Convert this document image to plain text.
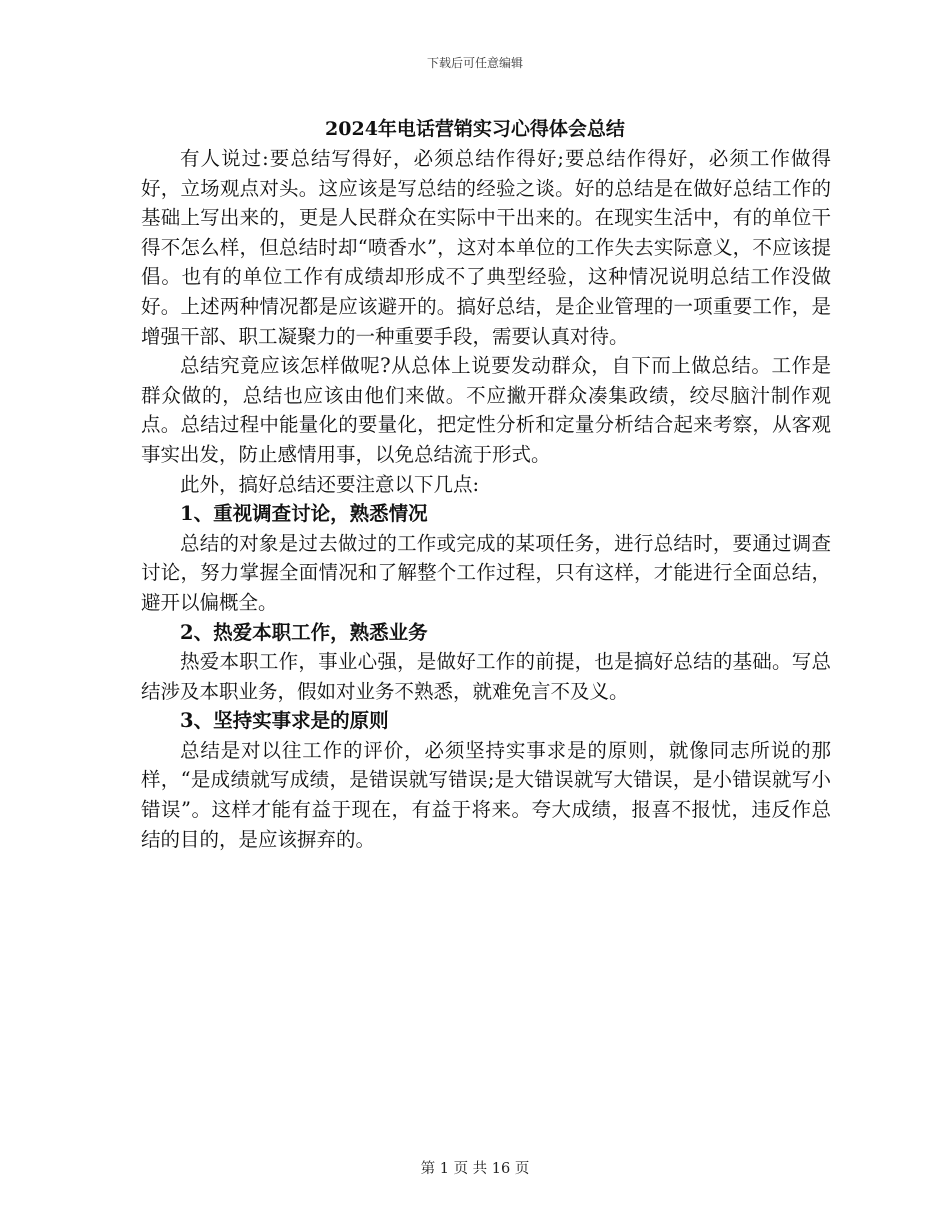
下载后可任意编辑
2024年电话营销实习心得体会总结

有人说过:要总结写得好，必须总结作得好;要总结作得好，必须工作做得好，立场观点对头。这应该是写总结的经验之谈。好的总结是在做好总结工作的基础上写出来的，更是人民群众在实际中干出来的。在现实生活中，有的单位干得不怎么样，但总结时却“喷香水”，这对本单位的工作失去实际意义，不应该提倡。也有的单位工作有成绩却形成不了典型经验，这种情况说明总结工作没做好。上述两种情况都是应该避开的。搞好总结，是企业管理的一项重要工作，是增强干部、职工凝聚力的一种重要手段，需要认真对待。

总结究竟应该怎样做呢?从总体上说要发动群众，自下而上做总结。工作是群众做的，总结也应该由他们来做。不应撇开群众凑集政绩，绞尽脑汁制作观点。总结过程中能量化的要量化，把定性分析和定量分析结合起来考察，从客观事实出发，防止感情用事，以免总结流于形式。

此外，搞好总结还要注意以下几点:

1、重视调查讨论，熟悉情况

总结的对象是过去做过的工作或完成的某项任务，进行总结时，要通过调查讨论，努力掌握全面情况和了解整个工作过程，只有这样，才能进行全面总结，避开以偏概全。

2、热爱本职工作，熟悉业务

热爱本职工作，事业心强，是做好工作的前提，也是搞好总结的基础。写总结涉及本职业务，假如对业务不熟悉，就难免言不及义。

3、坚持实事求是的原则

总结是对以往工作的评价，必须坚持实事求是的原则，就像同志所说的那样，“是成绩就写成绩，是错误就写错误;是大错误就写大错误，是小错误就写小错误”。这样才能有益于现在，有益于将来。夸大成绩，报喜不报忧，违反作总结的目的，是应该摒弃的。

第 1 页 共 16 页
